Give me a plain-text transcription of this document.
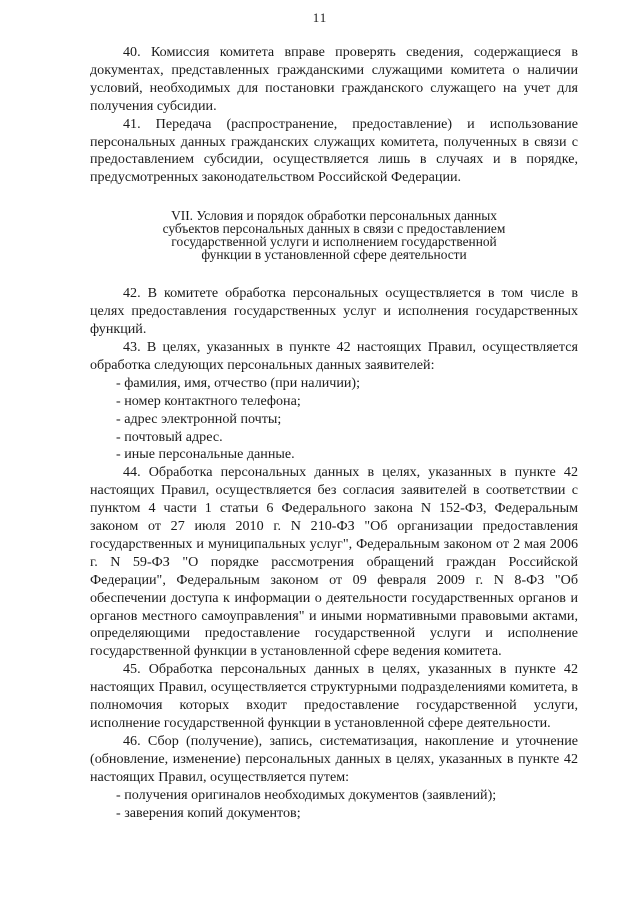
11

40. Комиссия комитета вправе проверять сведения, содержащиеся в документах, представленных гражданскими служащими комитета о наличии условий, необходимых для постановки гражданского служащего на учет для получения субсидии.

41. Передача (распространение, предоставление) и использование персональных данных гражданских служащих комитета, полученных в связи с предоставлением субсидии, осуществляется лишь в случаях и в порядке, предусмотренных законодательством Российской Федерации.

VII. Условия и порядок обработки персональных данных
субъектов персональных данных в связи с предоставлением
государственной услуги и исполнением государственной
функции в установленной сфере деятельности

42. В комитете обработка персональных осуществляется в том числе в целях предоставления государственных услуг и исполнения государственных функций.

43. В целях, указанных в пункте 42 настоящих Правил, осуществляется обработка следующих персональных данных заявителей:

- фамилия, имя, отчество (при наличии);

- номер контактного телефона;

- адрес электронной почты;

- почтовый адрес.

- иные персональные данные.

44. Обработка персональных данных в целях, указанных в пункте 42 настоящих Правил, осуществляется без согласия заявителей в соответствии с пунктом 4 части 1 статьи 6 Федерального закона N 152-ФЗ, Федеральным законом от 27 июля 2010 г. N 210-ФЗ "Об организации предоставления государственных и муниципальных услуг", Федеральным законом от 2 мая 2006 г. N 59-ФЗ "О порядке рассмотрения обращений граждан Российской Федерации", Федеральным законом от 09 февраля 2009 г. N 8-ФЗ "Об обеспечении доступа к информации о деятельности государственных органов и органов местного самоуправления" и иными нормативными правовыми актами, определяющими предоставление государственной услуги и исполнение государственной функции в установленной сфере ведения комитета.

45. Обработка персональных данных в целях, указанных в пункте 42 настоящих Правил, осуществляется структурными подразделениями комитета, в полномочия которых входит предоставление государственной услуги, исполнение государственной функции в установленной сфере деятельности.

46. Сбор (получение), запись, систематизация, накопление и уточнение (обновление, изменение) персональных данных в целях, указанных в пункте 42 настоящих Правил, осуществляется путем:

- получения оригиналов необходимых документов (заявлений);

- заверения копий документов;
